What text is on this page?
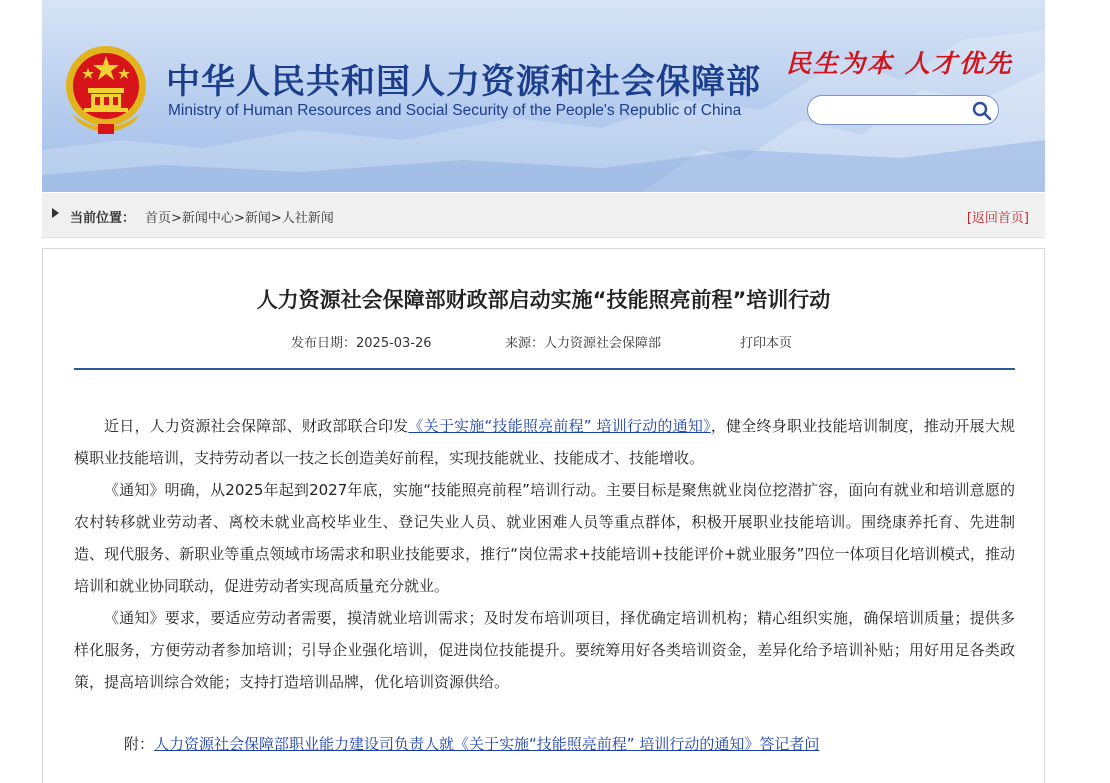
中华人民共和国人力资源和社会保障部
Ministry of Human Resources and Social Security of the People's Republic of China
民生为本 人才优先
当前位置： 首页>新闻中心>新闻>人社新闻	[返回首页]
人力资源社会保障部财政部启动实施“技能照亮前程”培训行动
发布日期：2025-03-26	来源：人力资源社会保障部	打印本页

近日，人力资源社会保障部、财政部联合印发《关于实施“技能照亮前程” 培训行动的通知》，健全终身职业技能培训制度，推动开展大规模职业技能培训，支持劳动者以一技之长创造美好前程，实现技能就业、技能成才、技能增收。

《通知》明确，从2025年起到2027年底，实施“技能照亮前程”培训行动。主要目标是聚焦就业岗位挖潜扩容，面向有就业和培训意愿的农村转移就业劳动者、离校未就业高校毕业生、登记失业人员、就业困难人员等重点群体，积极开展职业技能培训。围绕康养托育、先进制造、现代服务、新职业等重点领域市场需求和职业技能要求，推行“岗位需求+技能培训+技能评价+就业服务”四位一体项目化培训模式，推动培训和就业协同联动，促进劳动者实现高质量充分就业。

《通知》要求，要适应劳动者需要，摸清就业培训需求；及时发布培训项目，择优确定培训机构；精心组织实施，确保培训质量；提供多样化服务，方便劳动者参加培训；引导企业强化培训，促进岗位技能提升。要统筹用好各类培训资金，差异化给予培训补贴；用好用足各类政策，提高培训综合效能；支持打造培训品牌，优化培训资源供给。

附：人力资源社会保障部职业能力建设司负责人就《关于实施“技能照亮前程” 培训行动的通知》答记者问
